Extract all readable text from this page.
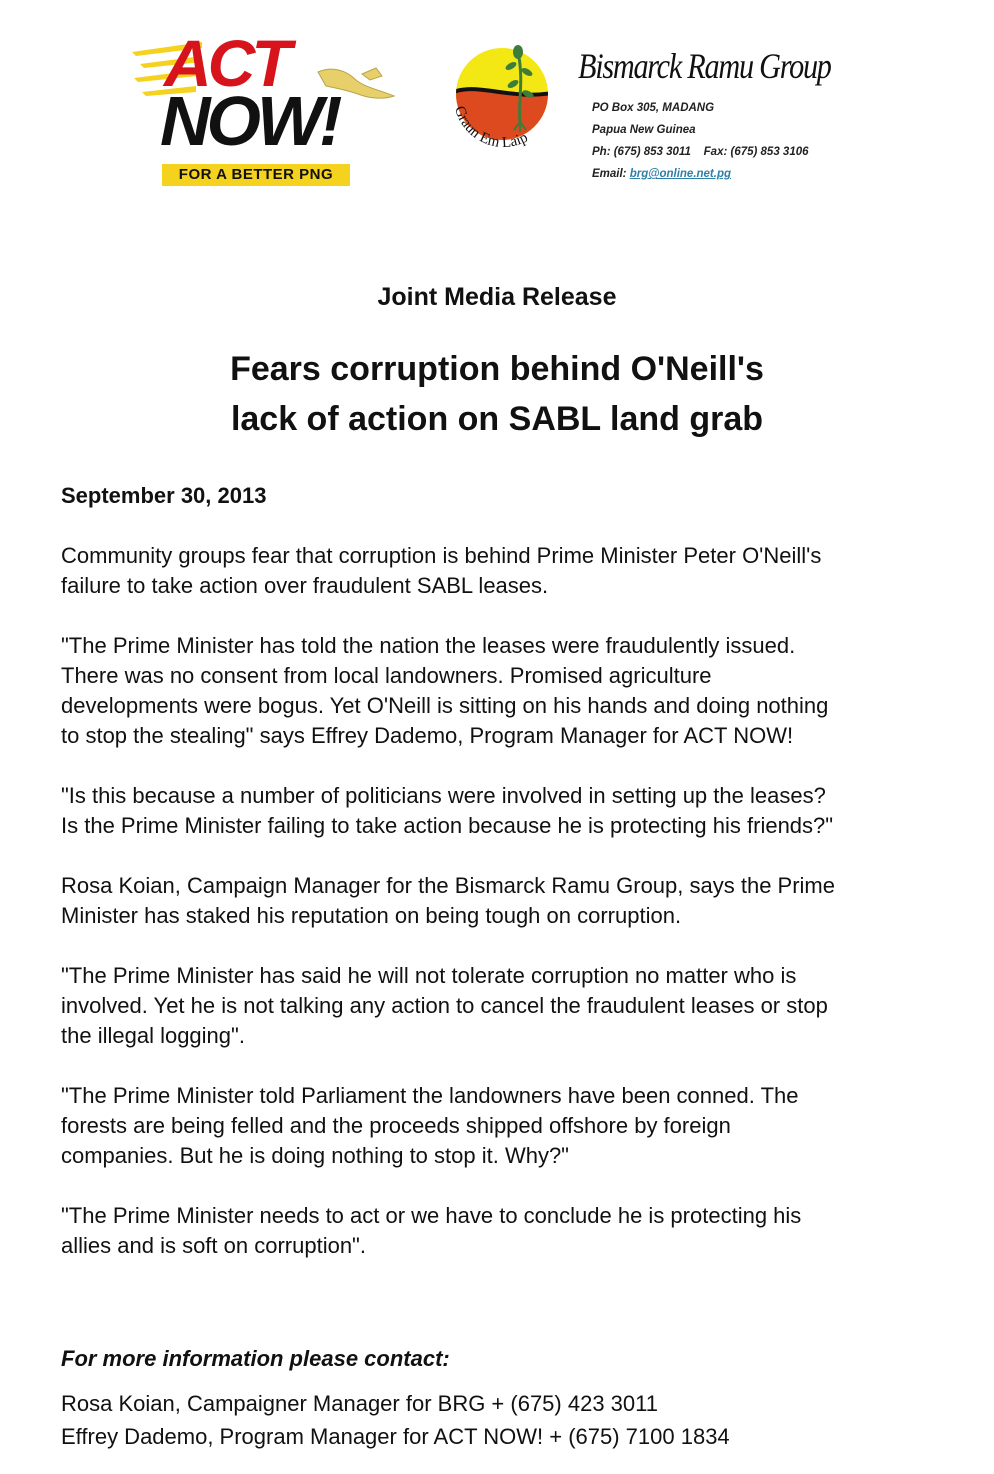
ACT
NOW!
FOR A BETTER PNG
Graun Em Laip
Bismarck Ramu Group
PO Box 305, MADANG
Papua New Guinea
Ph: (675) 853 3011    Fax: (675) 853 3106
Email: brg@online.net.pg
Joint Media Release
Fears corruption behind O'Neill's
lack of action on SABL land grab
September 30, 2013
Community groups fear that corruption is behind Prime Minister Peter O'Neill's
failure to take action over fraudulent SABL leases.
"The Prime Minister has told the nation the leases were fraudulently issued.
There was no consent from local landowners. Promised agriculture
developments were bogus. Yet O'Neill is sitting on his hands and doing nothing
to stop the stealing" says Effrey Dademo, Program Manager for ACT NOW!
"Is this because a number of politicians were involved in setting up the leases?
Is the Prime Minister failing to take action because he is protecting his friends?"
Rosa Koian, Campaign Manager for the Bismarck Ramu Group, says the Prime
Minister has staked his reputation on being tough on corruption.
"The Prime Minister has said he will not tolerate corruption no matter who is
involved. Yet he is not talking any action to cancel the fraudulent leases or stop
the illegal logging".
"The Prime Minister told Parliament the landowners have been conned. The
forests are being felled and the proceeds shipped offshore by foreign
companies. But he is doing nothing to stop it. Why?"
"The Prime Minister needs to act or we have to conclude he is protecting his
allies and is soft on corruption".
For more information please contact:
Rosa Koian, Campaigner Manager for BRG + (675) 423 3011
Effrey Dademo, Program Manager for ACT NOW! + (675) 7100 1834
